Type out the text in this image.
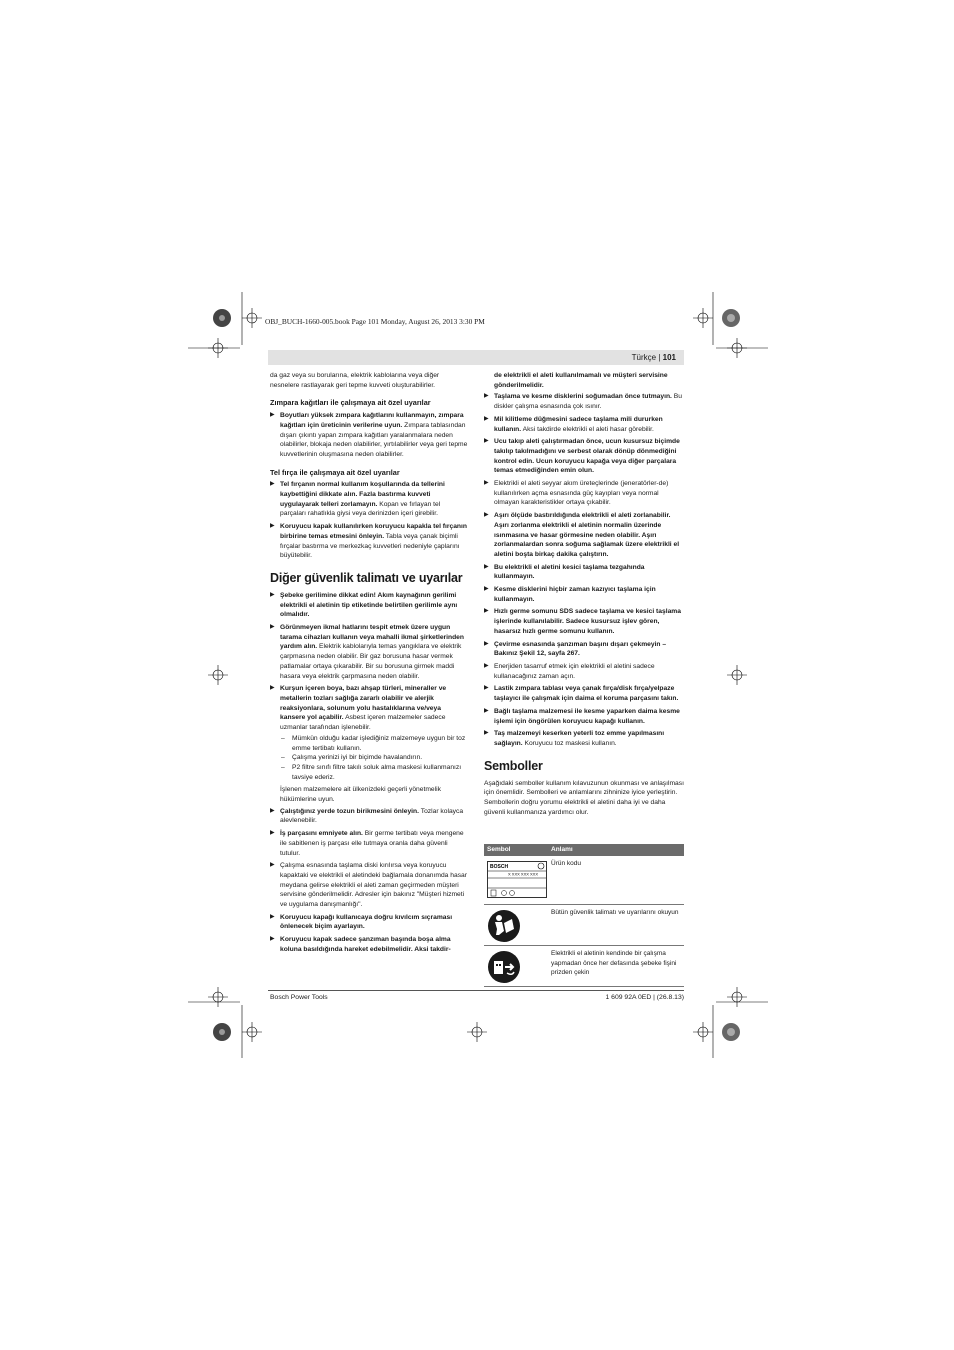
OBJ_BUCH-1660-005.book Page 101 Monday, August 26, 2013 3:30 PM
Türkçe | 101

da gaz veya su borularına, elektrik kablolarına veya diğer nesnelere rastlayarak geri tepme kuvveti oluşturabilirler.

Zımpara kağıtları ile çalışmaya ait özel uyarılar
▶ Boyutları yüksek zımpara kağıtlarını kullanmayın, zımpara kağıtları için üreticinin verilerine uyun. Zımpara tablasından dışarı çıkıntı yapan zımpara kağıtları yaralanmalara neden olabilirler, blokaja neden olabilirler, yırtılabilirler veya geri tepme kuvvetlerinin oluşmasına neden olabilirler.
Tel fırça ile çalışmaya ait özel uyarılar
▶ Tel fırçanın normal kullanım koşullarında da tellerini kaybettiğini dikkate alın. Fazla bastırma kuvveti uygulayarak telleri zorlamayın. Kopan ve fırlayan tel parçaları rahatlıkla giysi veya derinizden içeri girebilir.
▶ Koruyucu kapak kullanılırken koruyucu kapakla tel fırçanın birbirine temas etmesini önleyin. Tabla veya çanak biçimli fırçalar bastırma ve merkezkaç kuvvetleri nedeniyle çaplarını büyütebilir.
Diğer güvenlik talimatı ve uyarılar
▶ Şebeke gerilimine dikkat edin! Akım kaynağının gerilimi elektrikli el aletinin tip etiketinde belirtilen gerilimle aynı olmalıdır.
▶ Görünmeyen ikmal hatlarını tespit etmek üzere uygun tarama cihazları kullanın veya mahalli ikmal şirketlerinden yardım alın. Elektrik kablolarıyla temas yangıklara ve elektrik çarpmasına neden olabilir. Bir gaz borusuna hasar vermek patlamalar ortaya çıkarabilir. Bir su borusuna girmek maddi hasara veya elektrik çarpmasına neden olabilir.
▶ Kurşun içeren boya, bazı ahşap türleri, mineraller ve metallerin tozları sağlığa zararlı olabilir ve alerjik reaksiyonlara, solunum yolu hastalıklarına ve/veya kansere yol açabilir. Asbest içeren malzemeler sadece uzmanlar tarafından işlenebilir.
– Mümkün olduğu kadar işlediğiniz malzemeye uygun bir toz emme tertibatı kullanın.
– Çalışma yerinizi iyi bir biçimde havalandırın.
– P2 filtre sınıfı filtre takılı soluk alma maskesi kullanmanızı tavsiye ederiz.

İşlenen malzemelere ait ülkenizdeki geçerli yönetmelik hükümlerine uyun.

▶ Çalıştığınız yerde tozun birikmesini önleyin. Tozlar kolayca alevlenebilir.
▶ İş parçasını emniyete alın. Bir germe tertibatı veya mengene ile sabitlenen iş parçası elle tutmaya oranla daha güvenli tutulur.
▶ Çalışma esnasında taşlama diski kırılırsa veya koruyucu kapaktaki ve elektrikli el aletindeki bağlamala donanımda hasar meydana gelirse elektrikli el aleti zaman geçirmeden müşteri servisine gönderilmelidir. Adresler için bakınız "Müşteri hizmeti ve uygulama danışmanlığı".
▶ Koruyucu kapağı kullanıcaya doğru kıvılcım sıçraması önlenecek biçim ayarlayın.
▶ Koruyucu kapak sadece şanzıman başında boşa alma koluna basıldığında hareket edebilmelidir. Aksi takdir-

de elektrikli el aleti kullanılmamalı ve müşteri servisine gönderilmelidir.

▶ Taşlama ve kesme disklerini soğumadan önce tutmayın. Bu diskler çalışma esnasında çok ısınır.
▶ Mil kilitleme düğmesini sadece taşlama mili dururken kullanın. Aksi takdirde elektrikli el aleti hasar görebilir.
▶ Ucu takıp aleti çalıştırmadan önce, ucun kusursuz biçimde takılıp takılmadığını ve serbest olarak dönüp dönmediğini kontrol edin. Ucun koruyucu kapağa veya diğer parçalara temas etmediğinden emin olun.
▶ Elektrikli el aleti seyyar akım üreteçlerinde (jeneratörler-de) kullanılırken açma esnasında güç kayıpları veya normal olmayan karakteristikler ortaya çıkabilir.
▶ Aşırı ölçüde bastırıldığında elektrikli el aleti zorlanabilir. Aşırı zorlanma elektrikli el aletinin normalin üzerinde ısınmasına ve hasar görmesine neden olabilir. Aşırı zorlanmalardan sonra soğuma sağlamak üzere elektrikli el aletini boşta birkaç dakika çalıştırın.
▶ Bu elektrikli el aletini kesici taşlama tezgahında kullanmayın.
▶ Kesme disklerini hiçbir zaman kazıyıcı taşlama için kullanmayın.
▶ Hızlı germe somunu SDS sadece taşlama ve kesici taşlama işlerinde kullanılabilir. Sadece kusursuz işlev gören, hasarsız hızlı germe somunu kullanın.
▶ Çevirme esnasında şanzıman başını dışarı çekmeyin – Bakınız Şekil 12, sayfa 267.
▶ Enerjiden tasarruf etmek için elektrikli el aletini sadece kullanacağınız zaman açın.
▶ Lastik zımpara tablası veya çanak fırça/disk fırça/yelpaze taşlayıcı ile çalışmak için daima el koruma parçasını takın.
▶ Bağlı taşlama malzemesi ile kesme yaparken daima kesme işlemi için öngörülen koruyucu kapağı kullanın.
▶ Taş malzemeyi keserken yeterli toz emme yapılmasını sağlayın. Koruyucu toz maskesi kullanın.
Semboller

Aşağıdaki semboller kullanım kılavuzunun okunması ve anlaşılması için önemlidir. Sembolleri ve anlamlarını zihninize iyice yerleştirin. Sembollerin doğru yorumu elektrikli el aletini daha iyi ve daha güvenli kullanmanıza yardımcı olur.

Sembol	Anlamı
BOSCH
X XXX XXX XXX
Ürün kodu
Bütün güvenlik talimatı ve uyarılarını okuyun
Elektrikli el aletinin kendinde bir çalışma yapmadan önce her defasında şebeke fişini prizden çekin
Bosch Power Tools	1 609 92A 0ED | (26.8.13)
